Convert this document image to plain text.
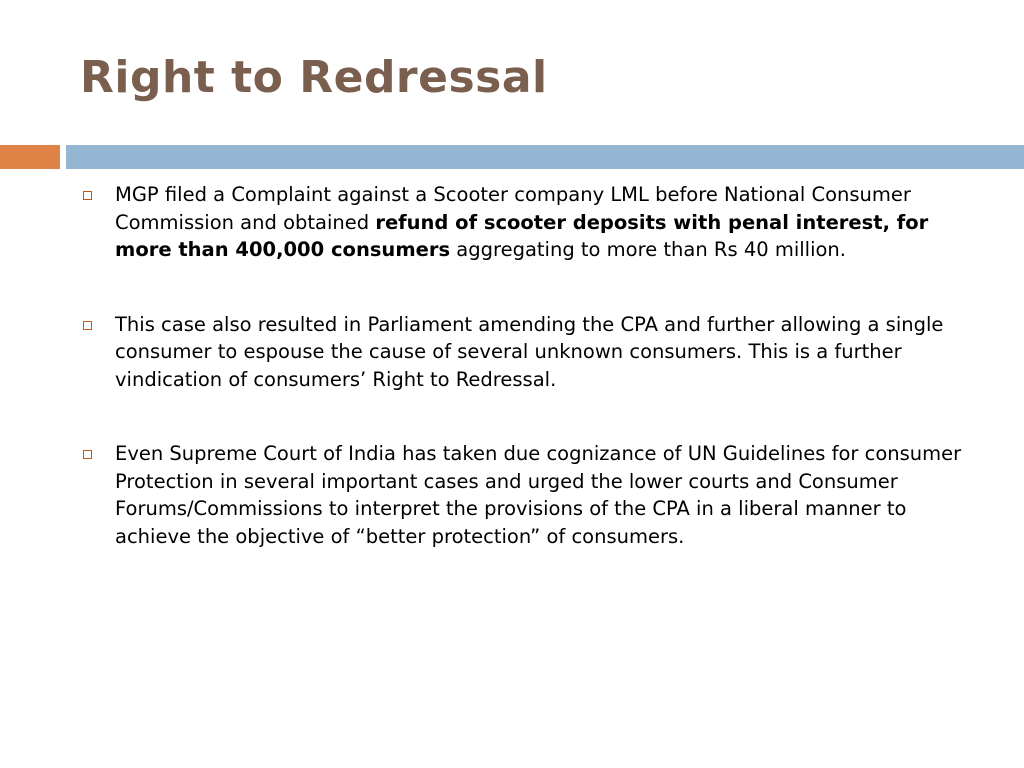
Right to Redressal
MGP filed a Complaint against a Scooter company LML before National Consumer Commission and obtained refund of scooter deposits with penal interest, for more than 400,000 consumers aggregating to more than Rs 40 million.
This case also resulted in Parliament amending the CPA and further allowing a single consumer to espouse the cause of several unknown consumers. This is a further vindication of consumers’ Right to Redressal.
Even Supreme Court of India has taken due cognizance of UN Guidelines for consumer Protection in several important cases and urged the lower courts and Consumer Forums/Commissions to interpret the provisions of the CPA in a liberal manner to achieve the objective of “better protection” of consumers.
